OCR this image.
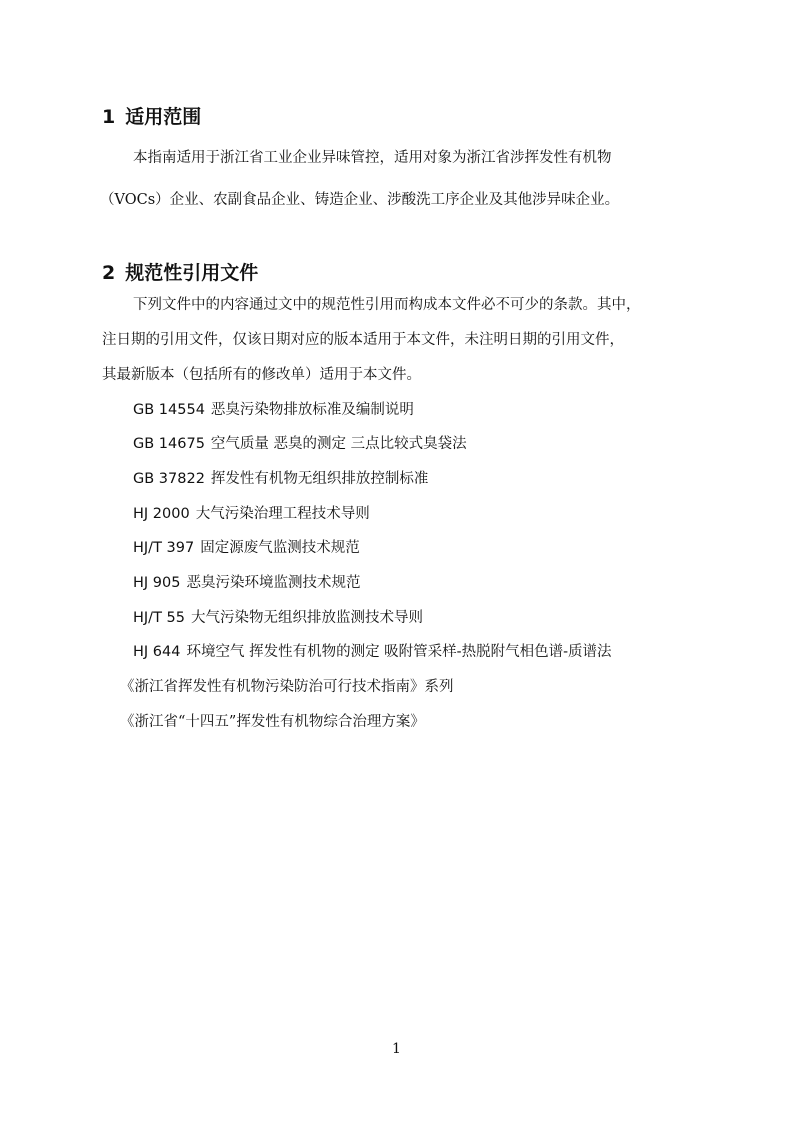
1 适用范围
本指南适用于浙江省工业企业异味管控，适用对象为浙江省涉挥发性有机物
（VOCs）企业、农副食品企业、铸造企业、涉酸洗工序企业及其他涉异味企业。
2 规范性引用文件
下列文件中的内容通过文中的规范性引用而构成本文件必不可少的条款。其中，
注日期的引用文件，仅该日期对应的版本适用于本文件，未注明日期的引用文件，
其最新版本（包括所有的修改单）适用于本文件。
GB 14554 恶臭污染物排放标准及编制说明
GB 14675 空气质量 恶臭的测定 三点比较式臭袋法
GB 37822 挥发性有机物无组织排放控制标准
HJ 2000 大气污染治理工程技术导则
HJ/T 397 固定源废气监测技术规范
HJ 905 恶臭污染环境监测技术规范
HJ/T 55 大气污染物无组织排放监测技术导则
HJ 644 环境空气 挥发性有机物的测定 吸附管采样-热脱附气相色谱-质谱法
《浙江省挥发性有机物污染防治可行技术指南》系列
《浙江省“十四五”挥发性有机物综合治理方案》
1
